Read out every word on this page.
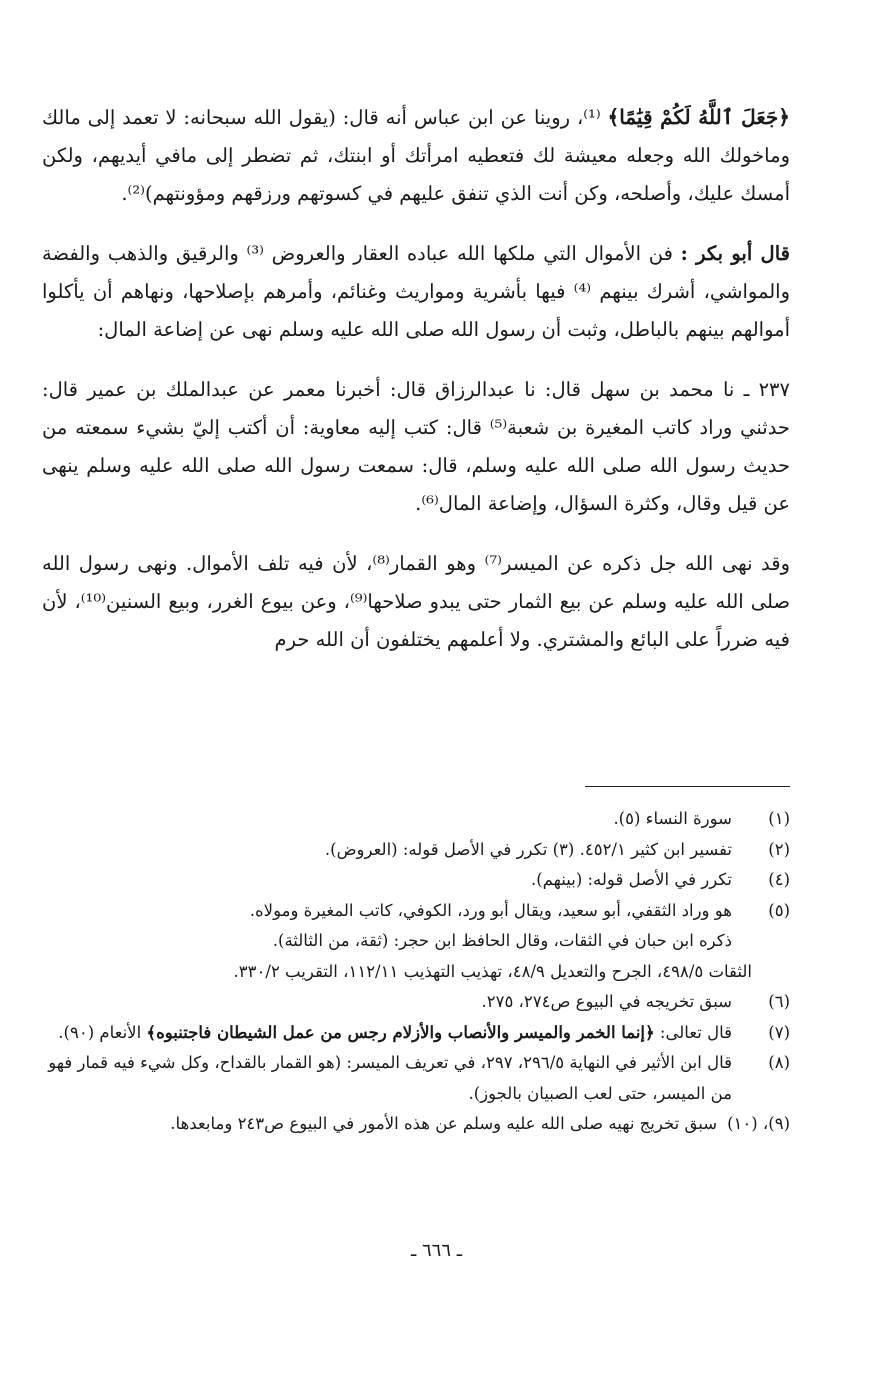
﴿جَعَلَ ٱللَّهُ لَكُمْ قِيَٰمًا﴾ ⁽¹⁾، روينا عن ابن عباس أنه قال: (يقول الله سبحانه: لا تعمد إلى مالك وماخولك الله وجعله معيشة لك فتعطيه امرأتك أو ابنتك، ثم تضطر إلى مافي أيديهم، ولكن أمسك عليك، وأصلحه، وكن أنت الذي تنفق عليهم في كسوتهم ورزقهم ومؤونتهم)⁽²⁾.

قال أبو بكر : فن الأموال التي ملكها الله عباده العقار والعروض ⁽³⁾ والرقيق والذهب والفضة والمواشي، أشرك بينهم ⁽⁴⁾ فيها بأشرية ومواريث وغنائم، وأمرهم بإصلاحها، ونهاهم أن يأكلوا أموالهم بينهم بالباطل، وثبت أن رسول الله صلى الله عليه وسلم نهى عن إضاعة المال:

٢٣٧ ـ نا محمد بن سهل قال: نا عبدالرزاق قال: أخبرنا معمر عن عبدالملك بن عمير قال: حدثني وراد كاتب المغيرة بن شعبة⁽⁵⁾ قال: كتب إليه معاوية: أن أكتب إليّ بشيء سمعته من حديث رسول الله صلى الله عليه وسلم، قال: سمعت رسول الله صلى الله عليه وسلم ينهى عن قيل وقال، وكثرة السؤال، وإضاعة المال⁽⁶⁾.

وقد نهى الله جل ذكره عن الميسر⁽⁷⁾ وهو القمار⁽⁸⁾، لأن فيه تلف الأموال. ونهى رسول الله صلى الله عليه وسلم عن بيع الثمار حتى يبدو صلاحها⁽⁹⁾، وعن بيوع الغرر، وبيع السنين⁽¹⁰⁾، لأن فيه ضرراً على البائع والمشتري. ولا أعلمهم يختلفون أن الله حرم

(١)
سورة النساء (٥).
(٢)
تفسير ابن كثير ٤٥٢/١. (٣) تكرر في الأصل قوله: (العروض).
(٤)
تكرر في الأصل قوله: (بينهم).
(٥)
هو وراد الثقفي، أبو سعيد، ويقال أبو ورد، الكوفي، كاتب المغيرة ومولاه.
ذكره ابن حبان في الثقات، وقال الحافظ ابن حجر: (ثقة، من الثالثة).
الثقات ٤٩٨/٥، الجرح والتعديل ٤٨/٩، تهذيب التهذيب ١١٢/١١، التقريب ٣٣٠/٢.
(٦)
سبق تخريجه في البيوع ص٢٧٤، ٢٧٥.
(٧)
قال تعالى: ﴿إنما الخمر والميسر والأنصاب والأزلام رجس من عمل الشيطان فاجتنبوه﴾ الأنعام (٩٠).
(٨)
قال ابن الأثير في النهاية ٢٩٦/٥، ٢٩٧، في تعريف الميسر: (هو القمار بالقداح، وكل شيء فيه قمار فهو من الميسر، حتى لعب الصبيان بالجوز).
(٩)، (١٠)
سبق تخريج نهيه صلى الله عليه وسلم عن هذه الأمور في البيوع ص٢٤٣ ومابعدها.
ـ ٦٦٦ ـ
